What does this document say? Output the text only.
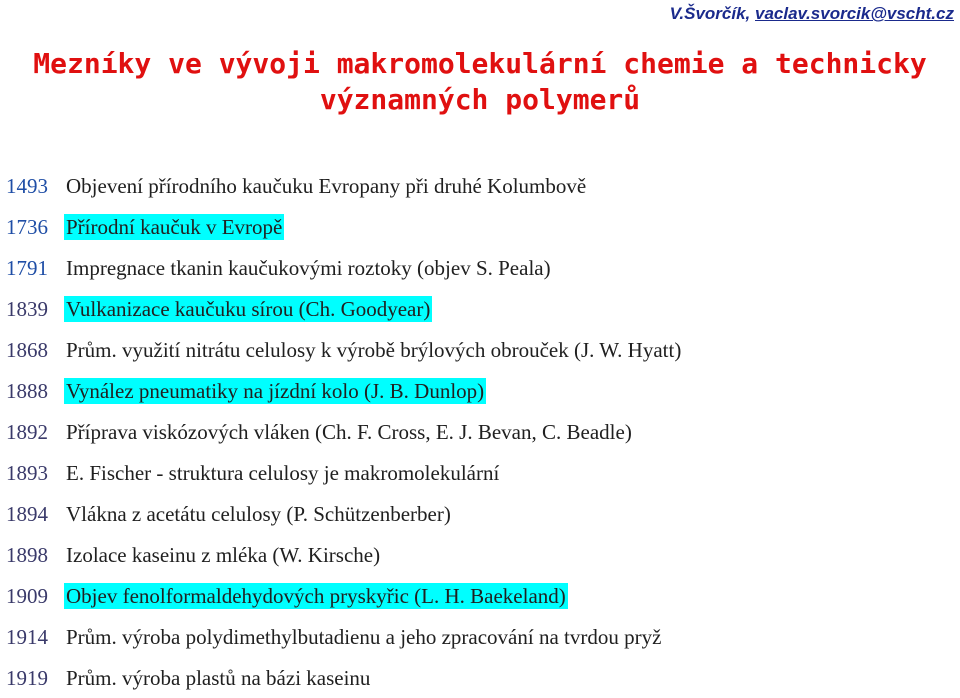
V.Švorčík, vaclav.svorcik@vscht.cz
Mezníky ve vývoji makromolekulární chemie a technicky
významných polymerů
1493 Objevení přírodního kaučuku Evropany při druhé Kolumbově
1736 Přírodní kaučuk v Evropě
1791 Impregnace tkanin kaučukovými roztoky (objev S. Peala)
1839 Vulkanizace kaučuku sírou (Ch. Goodyear)
1868 Prům. využití nitrátu celulosy k výrobě brýlových obrouček (J. W. Hyatt)
1888 Vynález pneumatiky na jízdní kolo (J. B. Dunlop)
1892 Příprava viskózových vláken (Ch. F. Cross, E. J. Bevan, C. Beadle)
1893 E. Fischer - struktura celulosy je makromolekulární
1894 Vlákna z acetátu celulosy (P. Schützenberber)
1898 Izolace kaseinu z mléka (W. Kirsche)
1909 Objev fenolformaldehydových pryskyřic (L. H. Baekeland)
1914 Prům. výroba polydimethylbutadienu a jeho zpracování na tvrdou pryž
1919 Prům. výroba plastů na bázi kaseinu
